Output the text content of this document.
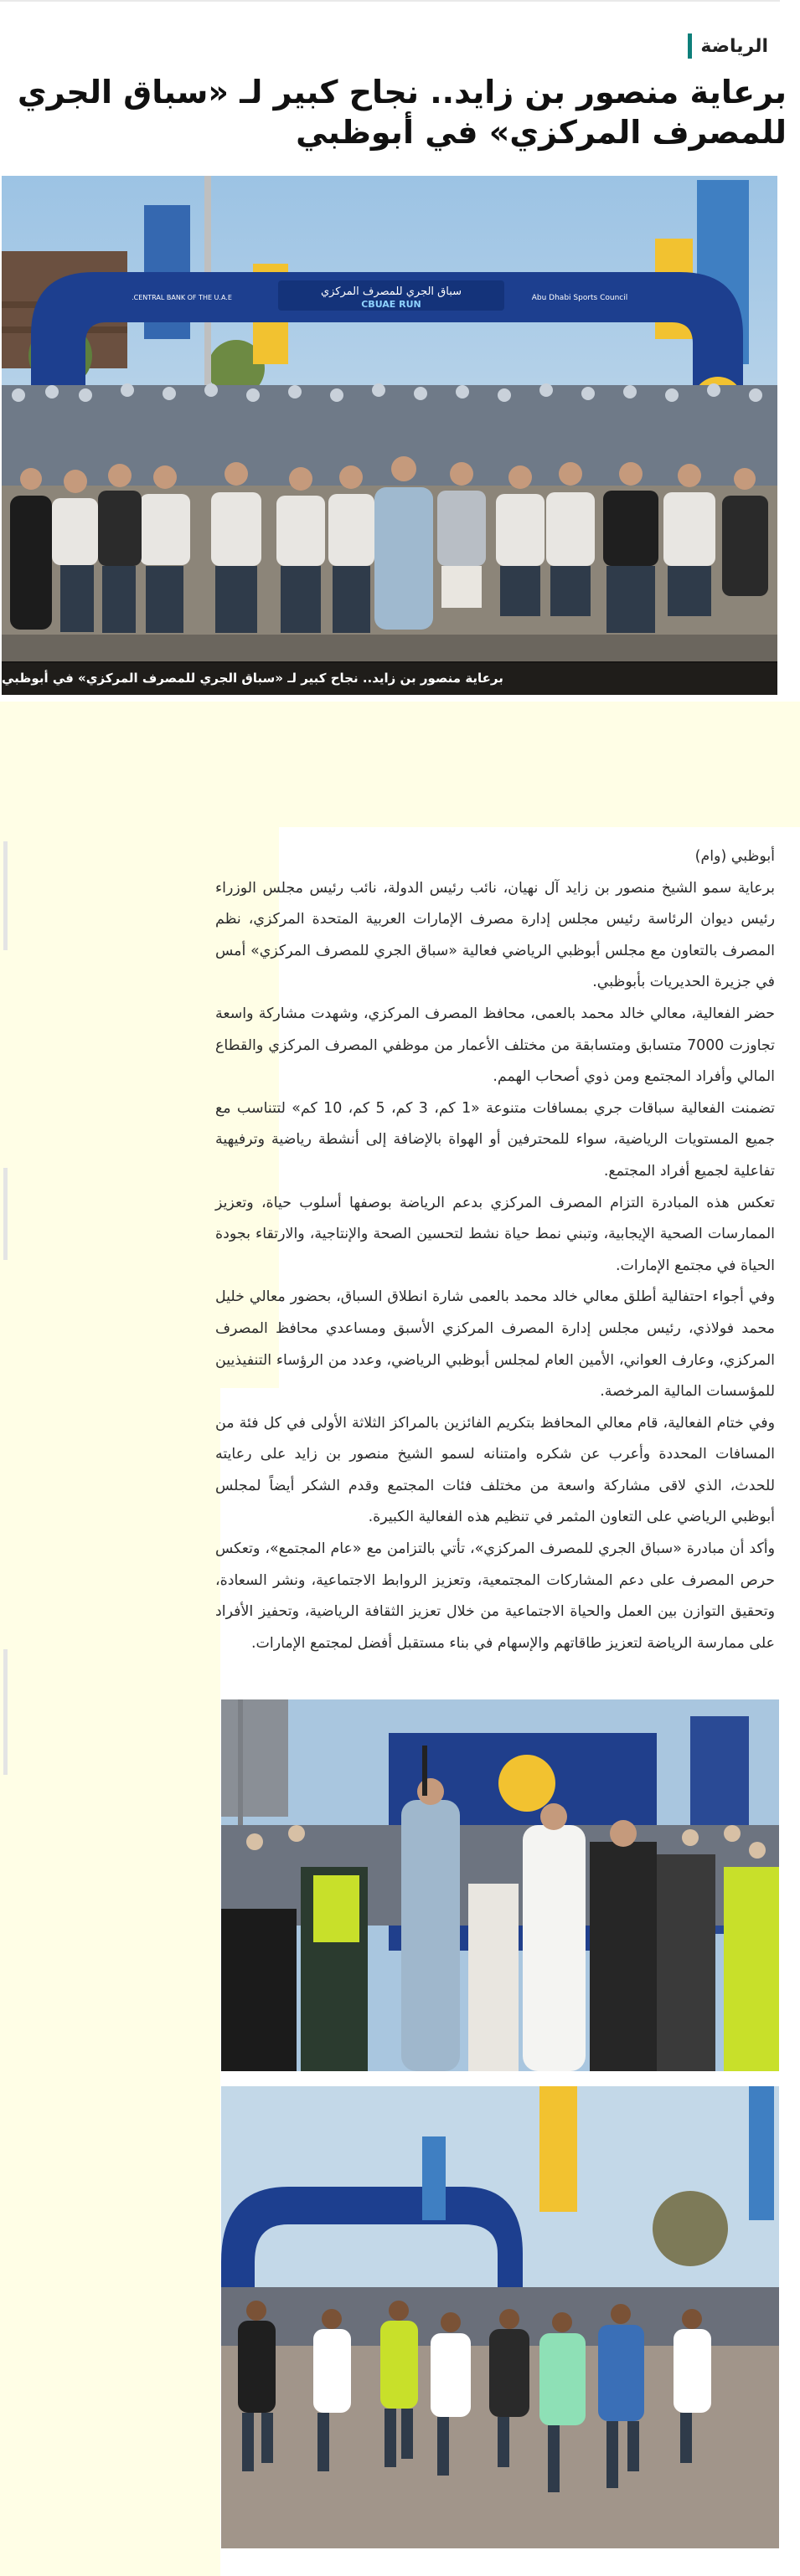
الرياضة
برعاية منصور بن زايد.. نجاح كبير لـ «سباق الجري للمصرف المركزي» في أبوظبي
سباق الجري للمصرف المركزي
CBUAE RUN
CENTRAL BANK OF THE U.A.E.	Abu Dhabi Sports Council
برعاية منصور بن زايد.. نجاح كبير لـ «سباق الجري للمصرف المركزي» في أبوظبي

أبوظبي (وام)

برعاية سمو الشيخ منصور بن زايد آل نهيان، نائب رئيس الدولة، نائب رئيس مجلس الوزراء رئيس ديوان الرئاسة رئيس مجلس إدارة مصرف الإمارات العربية المتحدة المركزي، نظم المصرف بالتعاون مع مجلس أبوظبي الرياضي فعالية «سباق الجري للمصرف المركزي» أمس في جزيرة الحديريات بأبوظبي.

حضر الفعالية، معالي خالد محمد بالعمى، محافظ المصرف المركزي، وشهدت مشاركة واسعة تجاوزت 7000 متسابق ومتسابقة من مختلف الأعمار من موظفي المصرف المركزي والقطاع المالي وأفراد المجتمع ومن ذوي أصحاب الهمم.

تضمنت الفعالية سباقات جري بمسافات متنوعة «1 كم، 3 كم، 5 كم، 10 كم» لتتناسب مع جميع المستويات الرياضية، سواء للمحترفين أو الهواة بالإضافة إلى أنشطة رياضية وترفيهية تفاعلية لجميع أفراد المجتمع.

تعكس هذه المبادرة التزام المصرف المركزي بدعم الرياضة بوصفها أسلوب حياة، وتعزيز الممارسات الصحية الإيجابية، وتبني نمط حياة نشط لتحسين الصحة والإنتاجية، والارتقاء بجودة الحياة في مجتمع الإمارات.

وفي أجواء احتفالية أطلق معالي خالد محمد بالعمى شارة انطلاق السباق، بحضور معالي خليل محمد فولاذي، رئيس مجلس إدارة المصرف المركزي الأسبق ومساعدي محافظ المصرف المركزي، وعارف العواني، الأمين العام لمجلس أبوظبي الرياضي، وعدد من الرؤساء التنفيذيين للمؤسسات المالية المرخصة.

وفي ختام الفعالية، قام معالي المحافظ بتكريم الفائزين بالمراكز الثلاثة الأولى في كل فئة من المسافات المحددة وأعرب عن شكره وامتنانه لسمو الشيخ منصور بن زايد على رعايته للحدث، الذي لاقى مشاركة واسعة من مختلف فئات المجتمع وقدم الشكر أيضاً لمجلس أبوظبي الرياضي على التعاون المثمر في تنظيم هذه الفعالية الكبيرة.

وأكد أن مبادرة «سباق الجري للمصرف المركزي»، تأتي بالتزامن مع «عام المجتمع»، وتعكس حرص المصرف على دعم المشاركات المجتمعية، وتعزيز الروابط الاجتماعية، ونشر السعادة، وتحقيق التوازن بين العمل والحياة الاجتماعية من خلال تعزيز الثقافة الرياضية، وتحفيز الأفراد على ممارسة الرياضة لتعزيز طاقاتهم والإسهام في بناء مستقبل أفضل لمجتمع الإمارات.
